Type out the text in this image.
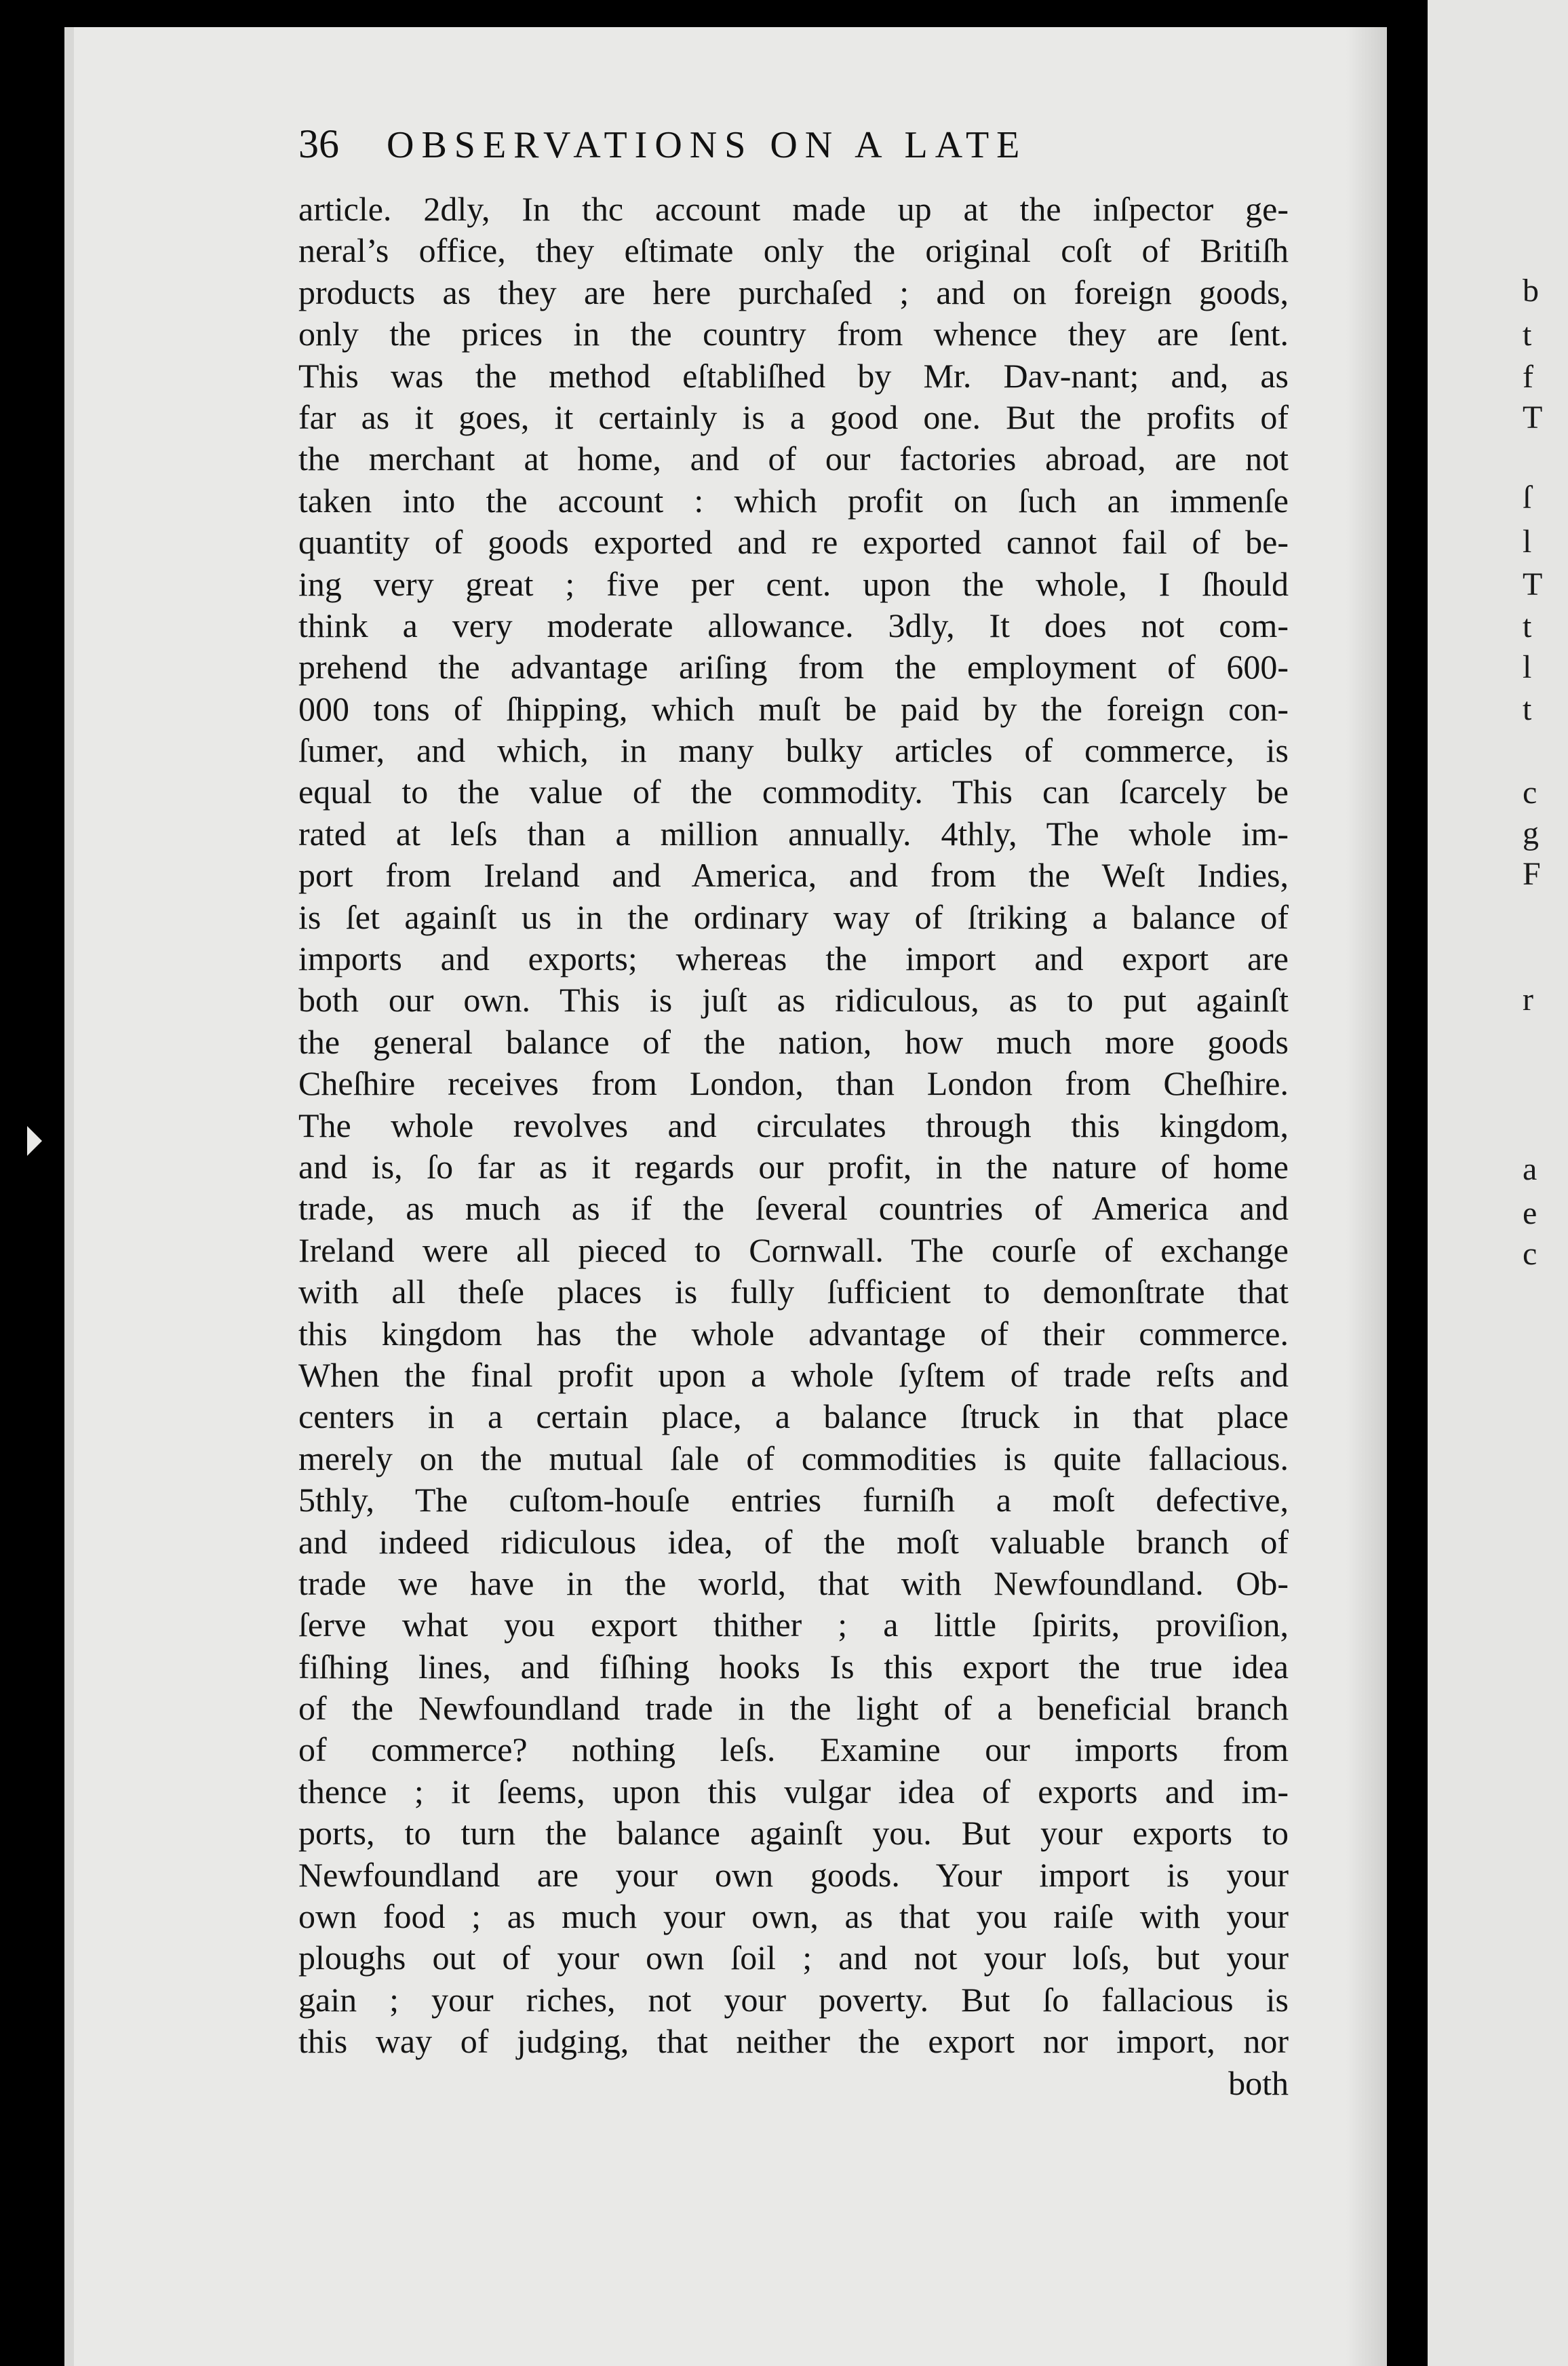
b
t
f
T
ſ
l
T
t
l
t
c
g
F
r
a
e
c
36 OBSERVATIONS ON A LATE
article. 2dly, In thc account made up at the inſpector ge-
neral’s office, they eſtimate only the original coſt of Britiſh
products as they are here purchaſed ; and on foreign goods,
only the prices in the country from whence they are ſent.
This was the method eſtabliſhed by Mr. Dav-nant; and, as
far as it goes, it certainly is a good one. But the profits of
the merchant at home, and of our factories abroad, are not
taken into the account : which profit on ſuch an immenſe
quantity of goods exported and re exported cannot fail of be-
ing very great ; five per cent. upon the whole, I ſhould
think a very moderate allowance. 3dly, It does not com-
prehend the advantage ariſing from the employment of 600-
000 tons of ſhipping, which muſt be paid by the foreign con-
ſumer, and which, in many bulky articles of commerce, is
equal to the value of the commodity. This can ſcarcely be
rated at leſs than a million annually. 4thly, The whole im-
port from Ireland and America, and from the Weſt Indies,
is ſet againſt us in the ordinary way of ſtriking a balance of
imports and exports; whereas the import and export are
both our own. This is juſt as ridiculous, as to put againſt
the general balance of the nation, how much more goods
Cheſhire receives from London, than London from Cheſhire.
The whole revolves and circulates through this kingdom,
and is, ſo far as it regards our profit, in the nature of home
trade, as much as if the ſeveral countries of America and
Ireland were all pieced to Cornwall. The courſe of exchange
with all theſe places is fully ſufficient to demonſtrate that
this kingdom has the whole advantage of their commerce.
When the final profit upon a whole ſyſtem of trade reſts and
centers in a certain place, a balance ſtruck in that place
merely on the mutual ſale of commodities is quite fallacious.
5thly, The cuſtom-houſe entries furniſh a moſt defective,
and indeed ridiculous idea, of the moſt valuable branch of
trade we have in the world, that with Newfoundland. Ob-
ſerve what you export thither ; a little ſpirits, proviſion,
fiſhing lines, and fiſhing hooks Is this export the true idea
of the Newfoundland trade in the light of a beneficial branch
of commerce? nothing leſs. Examine our imports from
thence ; it ſeems, upon this vulgar idea of exports and im-
ports, to turn the balance againſt you. But your exports to
Newfoundland are your own goods. Your import is your
own food ; as much your own, as that you raiſe with your
ploughs out of your own ſoil ; and not your loſs, but your
gain ; your riches, not your poverty. But ſo fallacious is
this way of judging, that neither the export nor import, nor
both
